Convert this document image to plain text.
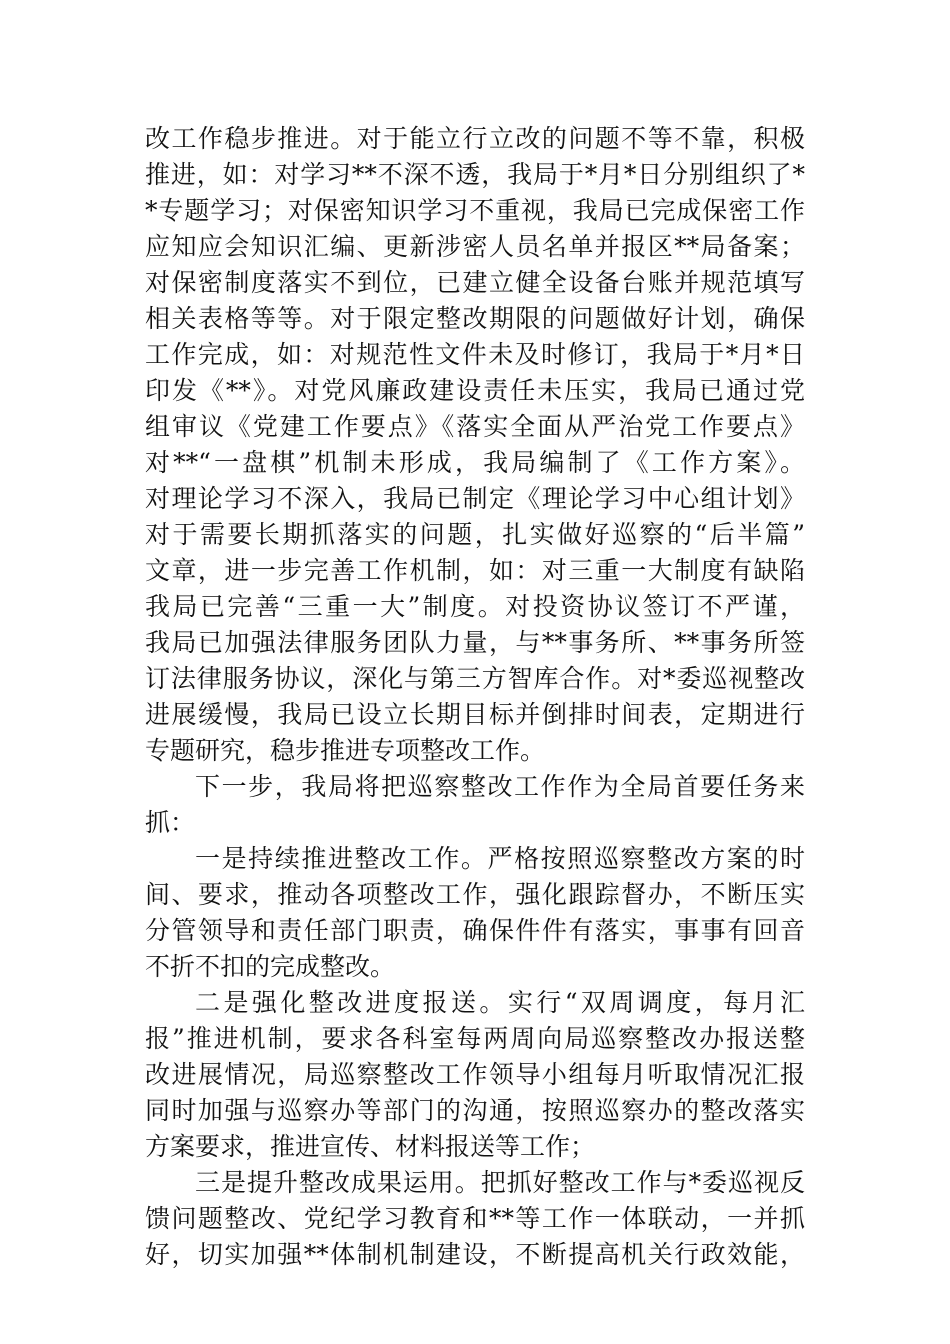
改工作稳步推进。对于能立行立改的问题不等不靠，积极
推进，如：对学习**不深不透，我局于*月*日分别组织了*
*专题学习；对保密知识学习不重视，我局已完成保密工作
应知应会知识汇编、更新涉密人员名单并报区**局备案；
对保密制度落实不到位，已建立健全设备台账并规范填写
相关表格等等。对于限定整改期限的问题做好计划，确保
工作完成，如：对规范性文件未及时修订，我局于*月*日
印发《**》。对党风廉政建设责任未压实，我局已通过党
组审议《党建工作要点》《落实全面从严治党工作要点》
对**“一盘棋”机制未形成，我局编制了《工作方案》。
对理论学习不深入，我局已制定《理论学习中心组计划》
对于需要长期抓落实的问题，扎实做好巡察的“后半篇”
文章，进一步完善工作机制，如：对三重一大制度有缺陷
我局已完善“三重一大”制度。对投资协议签订不严谨，
我局已加强法律服务团队力量，与**事务所、**事务所签
订法律服务协议，深化与第三方智库合作。对*委巡视整改
进展缓慢，我局已设立长期目标并倒排时间表，定期进行
专题研究，稳步推进专项整改工作。
下一步，我局将把巡察整改工作作为全局首要任务来
抓：
一是持续推进整改工作。严格按照巡察整改方案的时
间、要求，推动各项整改工作，强化跟踪督办，不断压实
分管领导和责任部门职责，确保件件有落实，事事有回音
不折不扣的完成整改。
二是强化整改进度报送。实行“双周调度，每月汇
报”推进机制，要求各科室每两周向局巡察整改办报送整
改进展情况，局巡察整改工作领导小组每月听取情况汇报
同时加强与巡察办等部门的沟通，按照巡察办的整改落实
方案要求，推进宣传、材料报送等工作；
三是提升整改成果运用。把抓好整改工作与*委巡视反
馈问题整改、党纪学习教育和**等工作一体联动，一并抓
好，切实加强**体制机制建设，不断提高机关行政效能，
